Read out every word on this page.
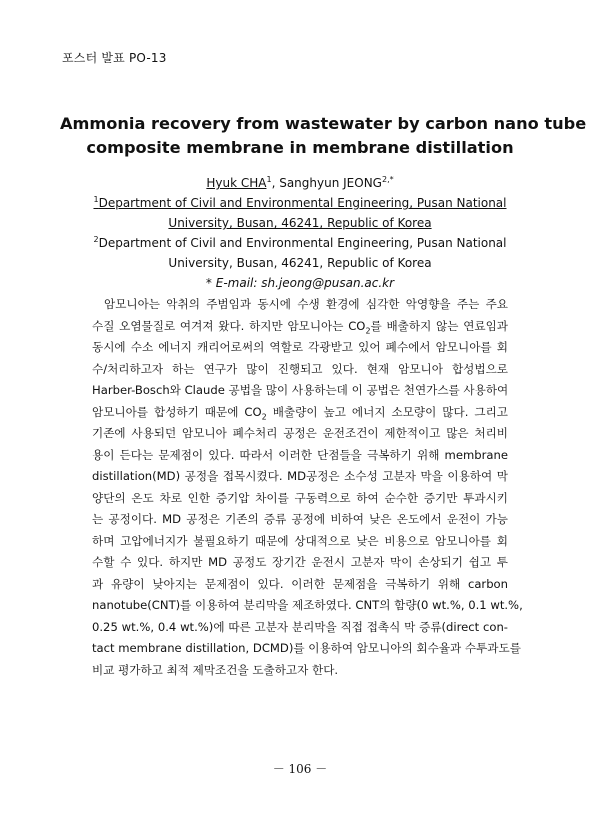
포스터 발표 PO-13
Ammonia recovery from wastewater by carbon nano tube
composite membrane in membrane distillation
Hyuk CHA$^1$, Sanghyun $JEONG^{2,*}$
$^1$Department of Civil and Environmental Engineering, Pusan National
University, Busan, 46241, Republic of Korea
$^2$Department of Civil and Environmental Engineering, Pusan National
University, Busan, 46241, Republic of Korea
* E-mail: sh.jeong@pusan.ac.kr
암모니아는 악취의 주범임과 동시에 수생 환경에 심각한 악영향을 주는 주요
수질 오염물질로 여겨져 왔다. 하지만 암모니아는 $CO_2$를 배출하지 않는 연료임과
동시에 수소 에너지 캐리어로써의 역할로 각광받고 있어 폐수에서 암모니아를 회
수/처리하고자 하는 연구가 많이 진행되고 있다. 현재 암모니아 합성법으로
Harber-Bosch와 Claude 공법을 많이 사용하는데 이 공법은 천연가스를 사용하여
암모니아를 합성하기 때문에 $CO_2$ 배출량이 높고 에너지 소모량이 많다. 그리고
기존에 사용되던 암모니아 폐수처리 공정은 운전조건이 제한적이고 많은 처리비
용이 든다는 문제점이 있다. 따라서 이러한 단점들을 극복하기 위해 membrane
distillation(MD) 공정을 접목시켰다. MD공정은 소수성 고분자 막을 이용하여 막
양단의 온도 차로 인한 증기압 차이를 구동력으로 하여 순수한 증기만 투과시키
는 공정이다. MD 공정은 기존의 증류 공정에 비하여 낮은 온도에서 운전이 가능
하며 고압에너지가 불필요하기 때문에 상대적으로 낮은 비용으로 암모니아를 회
수할 수 있다. 하지만 MD 공정도 장기간 운전시 고분자 막이 손상되기 쉽고 투
과 유량이 낮아지는 문제점이 있다. 이러한 문제점을 극복하기 위해 carbon
nanotube(CNT)를 이용하여 분리막을 제조하였다. CNT의 함량(0 wt.%, 0.1 wt.%,
0.25 wt.%, 0.4 wt.%)에 따른 고분자 분리막을 직접 접촉식 막 증류(direct con-
tact membrane distillation, DCMD)를 이용하여 암모니아의 회수율과 수투과도를
비교 평가하고 최적 제막조건을 도출하고자 한다.
－ 106 －
